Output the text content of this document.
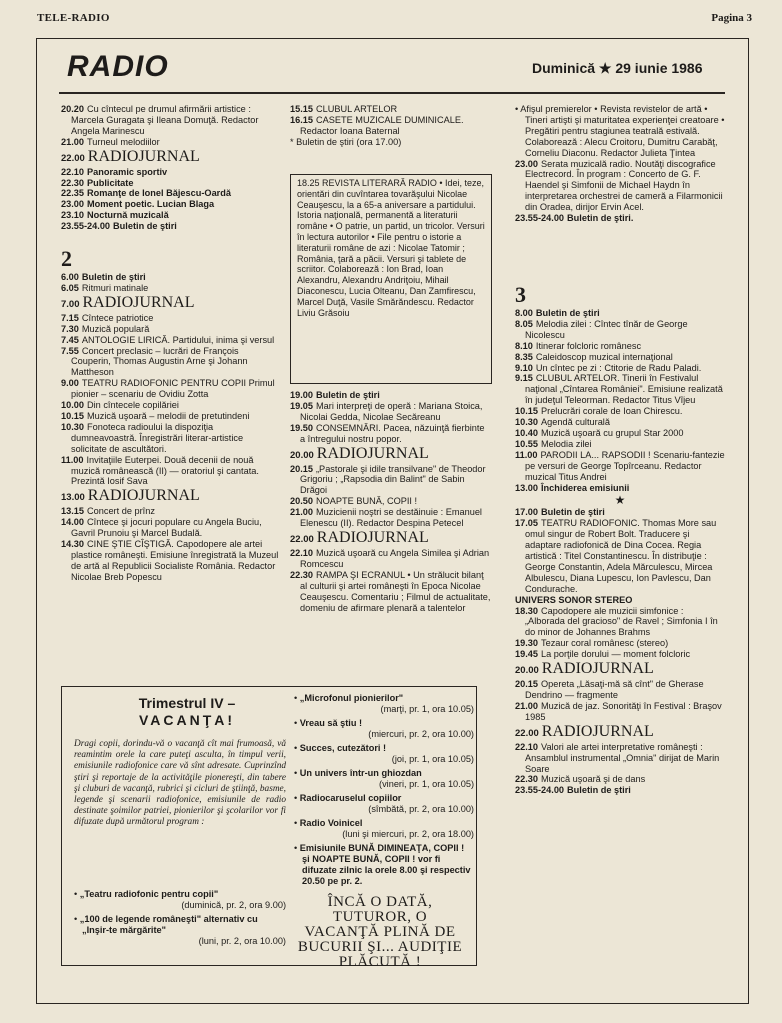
TELE-RADIO	Pagina 3
RADIO	Duminică ★ 29 iunie 1986

20.20 Cu cîntecul pe drumul afirmării artistice : Marcela Guragata şi Ileana Domuţă. Redactor Angela Marinescu

21.00 Turneul melodiilor

22.00 RADIOJURNAL

22.10 Panoramic sportiv

22.30 Publicitate

22.35 Romanţe de Ionel Băjescu-Oardă

23.00 Moment poetic. Lucian Blaga

23.10 Nocturnă muzicală

23.55-24.00 Buletin de ştiri

2

6.00 Buletin de ştiri

6.05 Ritmuri matinale

7.00 RADIOJURNAL

7.15 Cîntece patriotice

7.30 Muzică populară

7.45 ANTOLOGIE LIRICĂ. Partidului, inima şi versul

7.55 Concert preclasic – lucrări de François Couperin, Thomas Augustin Arne şi Johann Mattheson

9.00 TEATRU RADIOFONIC PENTRU COPII Primul pionier – scenariu de Ovidiu Zotta

10.00 Din cîntecele copilăriei

10.15 Muzică uşoară – melodii de pretutindeni

10.30 Fonoteca radioului la dispoziţia dumneavoastră. Înregistrări literar-artistice solicitate de ascultători.

11.00 Invitaţiile Euterpei. Două decenii de nouă muzică românească (II) — oratoriul şi cantata. Prezintă Iosif Sava

13.00 RADIOJURNAL

13.15 Concert de prînz

14.00 Cîntece şi jocuri populare cu Angela Buciu, Gavril Prunoiu şi Marcel Budală.

14.30 CINE ŞTIE CÎŞTIGĂ. Capodopere ale artei plastice româneşti. Emisiune înregistrată la Muzeul de artă al Republicii Socialiste România. Redactor Nicolae Breb Popescu

15.15 CLUBUL ARTELOR

16.15 CASETE MUZICALE DUMINICALE. Redactor Ioana Baternal

* Buletin de ştiri (ora 17.00)

18.25 REVISTA LITERARĂ RADIO • Idei, teze, orientări din cuvîntarea tovarăşului Nicolae Ceauşescu, la a 65-a aniversare a partidului. Istoria naţională, permanentă a literaturii române • O patrie, un partid, un tricolor. Versuri în lectura autorilor • File pentru o istorie a literaturii române de azi : Nicolae Tatomir ; România, ţară a păcii. Versuri şi tablete de scriitor. Colaborează : Ion Brad, Ioan Alexandru, Alexandru Andriţoiu, Mihail Diaconescu, Lucia Olteanu, Dan Zamfirescu, Marcel Duţă, Vasile Smărăndescu. Redactor Liviu Grăsoiu

19.00 Buletin de ştiri

19.05 Mari interpreţi de operă : Mariana Stoica, Nicolai Gedda, Nicolae Secăreanu

19.50 CONSEMNĂRI. Pacea, năzuinţă fierbinte a întregului nostru popor.

20.00 RADIOJURNAL

20.15 „Pastorale şi idile transilvane" de Theodor Grigoriu ; „Rapsodia din Balint" de Sabin Drăgoi

20.50 NOAPTE BUNĂ, COPII !

21.00 Muzicienii noştri se destăinuie : Emanuel Elenescu (II). Redactor Despina Petecel

22.00 RADIOJURNAL

22.10 Muzică uşoară cu Angela Similea şi Adrian Romcescu

22.30 RAMPA ŞI ECRANUL • Un strălucit bilanţ al culturii şi artei româneşti în Epoca Nicolae Ceauşescu. Comentariu ; Filmul de actualitate, domeniu de afirmare plenară a talentelor

• Afişul premierelor • Revista revistelor de artă • Tineri artişti şi maturitatea experienţei creatoare • Pregătiri pentru stagiunea teatrală estivală. Colaborează : Alecu Croitoru, Dumitru Carabăţ, Corneliu Diaconu. Redactor Julieta Ţintea

23.00 Serata muzicală radio. Noutăţi discografice Electrecord. În program : Concerto de G. F. Haendel şi Simfonii de Michael Haydn în interpretarea orchestrei de cameră a Filarmonicii din Oradea, dirijor Ervin Acel.

23.55-24.00 Buletin de ştiri.

3

8.00 Buletin de ştiri

8.05 Melodia zilei : Cîntec tînăr de George Nicolescu

8.10 Itinerar folcloric românesc

8.35 Caleidoscop muzical internaţional

9.10 Un cîntec pe zi : Ctitorie de Radu Paladi.

9.15 CLUBUL ARTELOR. Tinerii în Festivalul naţional „Cîntarea României". Emisiune realizată în judeţul Teleorman. Redactor Titus Vîjeu

10.15 Prelucrări corale de Ioan Chirescu.

10.30 Agendă culturală

10.40 Muzică uşoară cu grupul Star 2000

10.55 Melodia zilei

11.00 PARODII LA... RAPSODII ! Scenariu-fantezie pe versuri de George Topîrceanu. Redactor muzical Titus Andrei

13.00 Închiderea emisiunii

★

17.00 Buletin de ştiri

17.05 TEATRU RADIOFONIC. Thomas More sau omul singur de Robert Bolt. Traducere şi adaptare radiofonică de Dina Cocea. Regia artistică : Titel Constantinescu. În distribuţie : George Constantin, Adela Mărculescu, Mircea Albulescu, Diana Lupescu, Ion Pavlescu, Dan Condurache.

UNIVERS SONOR STEREO

18.30 Capodopere ale muzicii simfonice : „Alborada del gracioso" de Ravel ; Simfonia I în do minor de Johannes Brahms

19.30 Tezaur coral românesc (stereo)

19.45 La porţile dorului — moment folcloric

20.00 RADIOJURNAL

20.15 Opereta „Lăsaţi-mă să cînt" de Gherase Dendrino — fragmente

21.00 Muzică de jaz. Sonorităţi în Festival : Braşov 1985

22.00 RADIOJURNAL

22.10 Valori ale artei interpretative româneşti : Ansamblul instrumental „Omnia" dirijat de Marin Soare

22.30 Muzică uşoară şi de dans

23.55-24.00 Buletin de ştiri

Trimestrul IV –
VACANŢA!

Dragi copii, dorindu-vă o vacanţă cît mai frumoasă, vă reamintim orele la care puteţi asculta, în timpul verii, emisiunile radiofonice care vă sînt adresate. Cuprinzînd ştiri şi reportaje de la activităţile pionereşti, din tabere şi cluburi de vacanţă, rubrici şi cicluri de ştiinţă, basme, legende şi scenarii radiofonice, emisiunile de radio destinate şoimilor patriei, pionierilor şi şcolarilor vor fi difuzate după următorul program :

• „Teatru radiofonic pentru copii"
(duminică, pr. 2, ora 9.00)

• „100 de legende româneşti" alternativ cu „Inşir-te mărgărite"
(luni, pr. 2, ora 10.00)

• „Microfonul pionierilor"
(marţi, pr. 1, ora 10.05)

• Vreau să ştiu !
(miercuri, pr. 2, ora 10.00)

• Succes, cutezători !
(joi, pr. 1, ora 10.05)

• Un univers într-un ghiozdan
(vineri, pr. 1, ora 10.05)

• Radiocaruselul copiilor
(sîmbătă, pr. 2, ora 10.00)

• Radio Voinicel
(luni şi miercuri, pr. 2, ora 18.00)

• Emisiunile BUNĂ DIMINEAŢA, COPII ! şi NOAPTE BUNĂ, COPII ! vor fi difuzate zilnic la orele 8.00 şi respectiv 20.50 pe pr. 2.

ÎNCĂ O DATĂ, TUTUROR, O VACANŢĂ PLINĂ DE BUCURII ŞI... AUDIŢIE PLĂCUTĂ !
